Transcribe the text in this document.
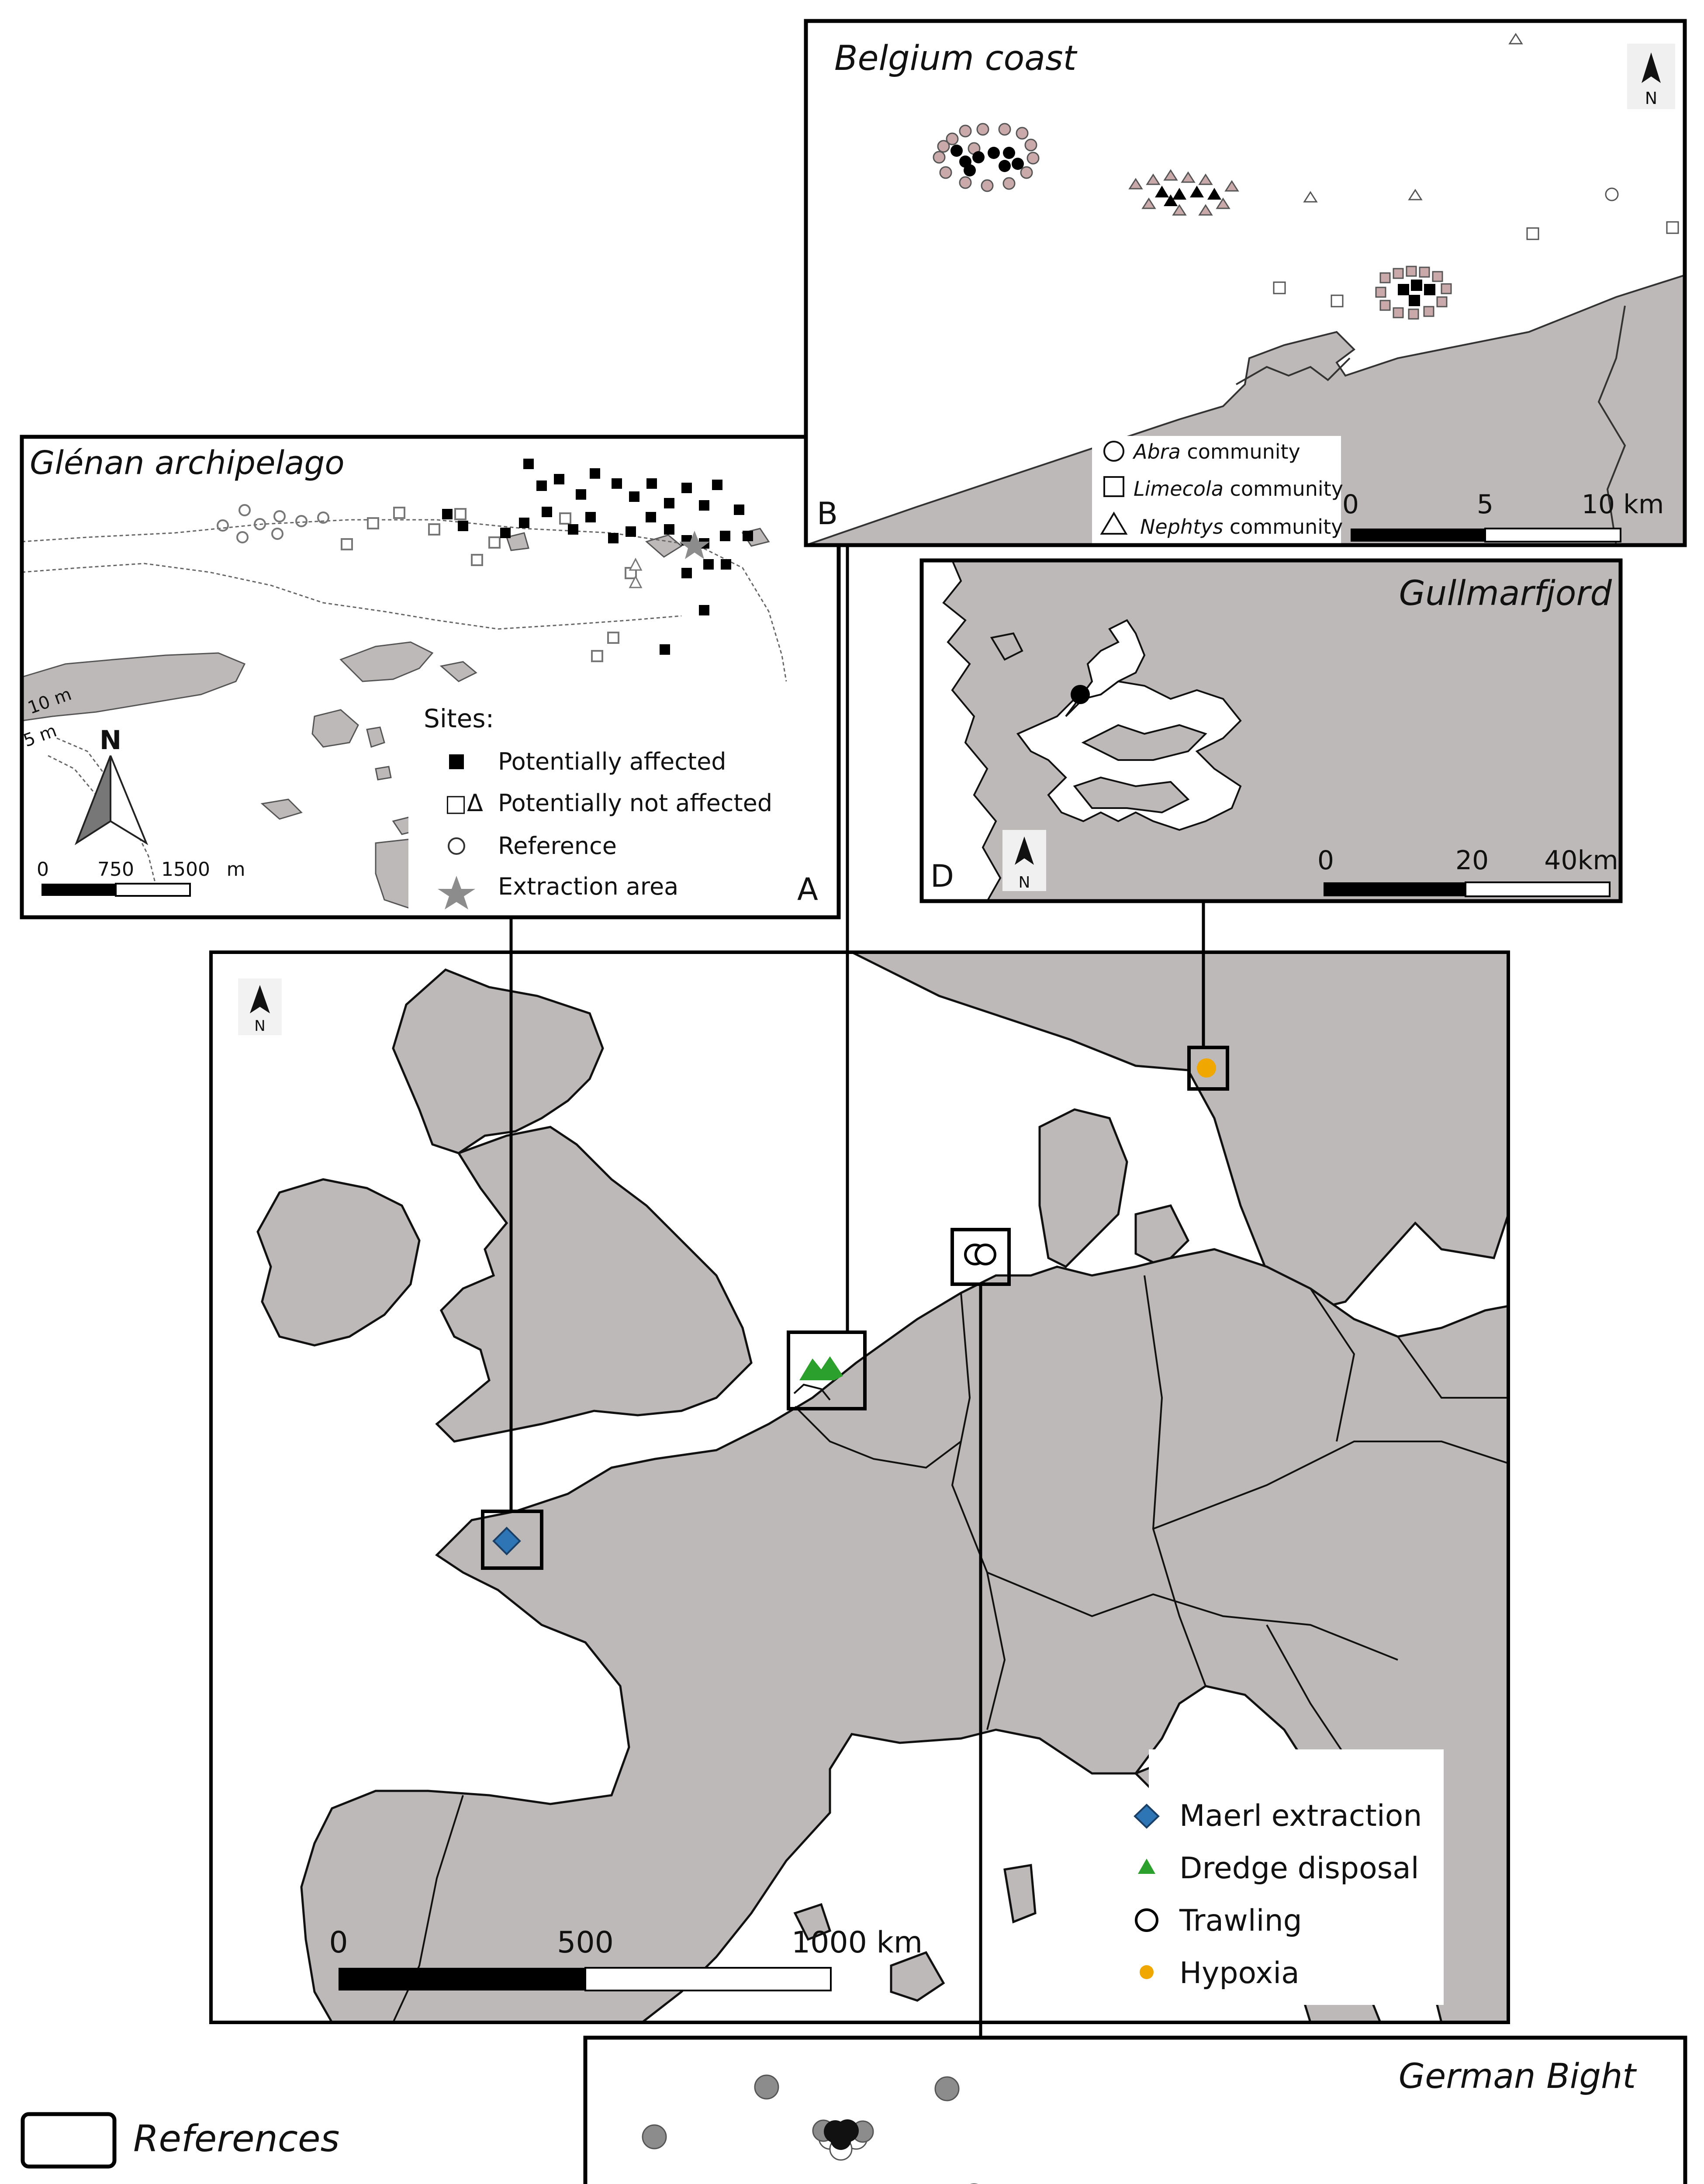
N
Maerl extraction
Dredge disposal
Trawling
Hypoxia
0	500	1000 km
10 m
5 m
Sites:
Potentially affected
□Δ Potentially not affected
Reference
Extraction area
N
0	750 1500 m
Glénan archipelago
A
N
Abra community
Limecola community
Nephtys community
0	5	10 km
Belgium coast
B
N
0	20 40km
Gullmarfjord
D
German Bight
References
